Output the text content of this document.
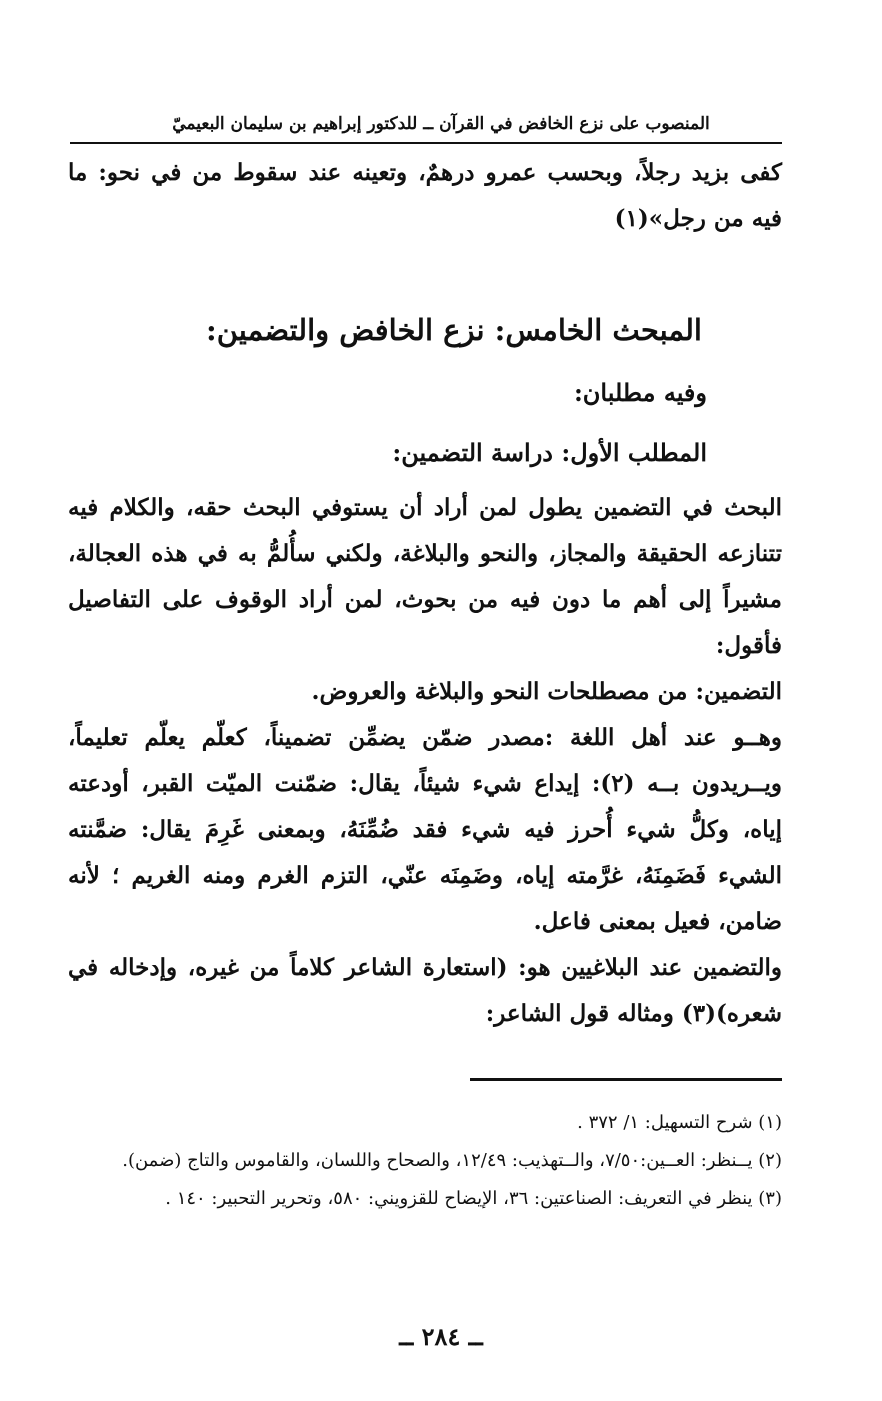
المنصوب على نزع الخافض في القرآن ــ للدكتور إبراهيم بن سليمان البعيميّ

كفى بزيد رجلاً، وبحسب عمرو درهمٌ، وتعينه عند سقوط من في نحو: ما فيه من رجل»(١)

المبحث الخامس: نزع الخافض والتضمين:
وفيه مطلبان:
المطلب الأول: دراسة التضمين:

البحث في التضمين يطول لمن أراد أن يستوفي البحث حقه، والكلام فيه تتنازعه الحقيقة والمجاز، والنحو والبلاغة، ولكني سأُلمُّ به في هذه العجالة، مشيراً إلى أهم ما دون فيه من بحوث، لمن أراد الوقوف على التفاصيل فأقول:

التضمين: من مصطلحات النحو والبلاغة والعروض.

وهــو عند أهل اللغة :مصدر ضمّن يضمِّن تضميناً، كعلّم يعلّم تعليماً، ويــريدون بــه (٢): إيداع شيء شيئاً، يقال: ضمّنت الميّت القبر، أودعته إياه، وكلُّ شيء أُحرز فيه شيء فقد ضُمِّنَهُ، وبمعنى غَرِمَ يقال: ضمَّنته الشيء فَضَمِنَهُ، غرَّمته إياه، وضَمِنَه عنّي، التزم الغرم ومنه الغريم ؛ لأنه ضامن، فعيل بمعنى فاعل.

والتضمين عند البلاغيين هو: (استعارة الشاعر كلاماً من غيره، وإدخاله في شعره)(٣) ومثاله قول الشاعر:

(١) شرح التسهيل: ١/ ٣٧٢ .

(٢) يــنظر: العــين:٧/٥٠، والــتهذيب: ١٢/٤٩، والصحاح واللسان، والقاموس والتاج (ضمن).

(٣) ينظر في التعريف: الصناعتين: ٣٦، الإيضاح للقزويني: ٥٨٠، وتحرير التحبير: ١٤٠ .

ــ ٢٨٤ ــ
